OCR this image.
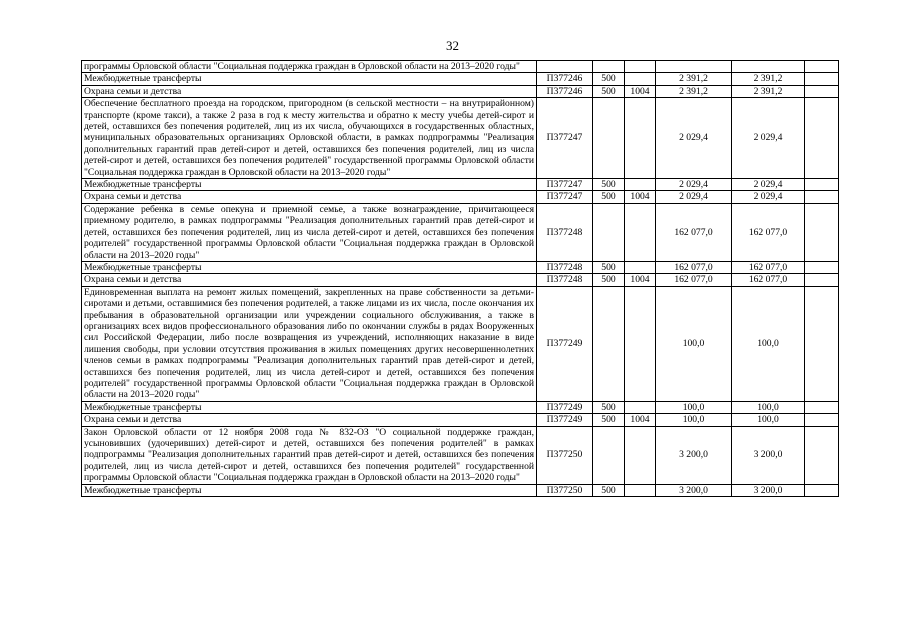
32
программы Орловской области "Социальная поддержка граждан в Орловской области на 2013–2020 годы"						
Межбюджетные трансферты	П377246	500		2 391,2	2 391,2	
Охрана семьи и детства	П377246	500	1004	2 391,2	2 391,2	
Обеспечение бесплатного проезда на городском, пригородном (в сельской местности – на внутрирайонном) транспорте (кроме такси), а также 2 раза в год к месту жительства и обратно к месту учебы детей-сирот и детей, оставшихся без попечения родителей, лиц из их числа, обучающихся в государственных областных, муниципальных образовательных организациях Орловской области, в рамках подпрограммы "Реализация дополнительных гарантий прав детей-сирот и детей, оставшихся без попечения родителей, лиц из числа детей-сирот и детей, оставшихся без попечения родителей" государственной программы Орловской области "Социальная поддержка граждан в Орловской области на 2013–2020 годы"	П377247			2 029,4	2 029,4	
Межбюджетные трансферты	П377247	500		2 029,4	2 029,4	
Охрана семьи и детства	П377247	500	1004	2 029,4	2 029,4	
Содержание ребенка в семье опекуна и приемной семье, а также вознаграждение, причитающееся приемному родителю, в рамках подпрограммы "Реализация дополнительных гарантий прав детей-сирот и детей, оставшихся без попечения родителей, лиц из числа детей-сирот и детей, оставшихся без попечения родителей" государственной программы Орловской области "Социальная поддержка граждан в Орловской области на 2013–2020 годы"	П377248			162 077,0	162 077,0	
Межбюджетные трансферты	П377248	500		162 077,0	162 077,0	
Охрана семьи и детства	П377248	500	1004	162 077,0	162 077,0	
Единовременная выплата на ремонт жилых помещений, закрепленных на праве собственности за детьми-сиротами и детьми, оставшимися без попечения родителей, а также лицами из их числа, после окончания их пребывания в образовательной организации или учреждении социального обслуживания, а также в организациях всех видов профессионального образования либо по окончании службы в рядах Вооруженных сил Российской Федерации, либо после возвращения из учреждений, исполняющих наказание в виде лишения свободы, при условии отсутствия проживания в жилых помещениях других несовершеннолетних членов семьи в рамках подпрограммы "Реализация дополнительных гарантий прав детей-сирот и детей, оставшихся без попечения родителей, лиц из числа детей-сирот и детей, оставшихся без попечения родителей" государственной программы Орловской области "Социальная поддержка граждан в Орловской области на 2013–2020 годы"	П377249			100,0	100,0	
Межбюджетные трансферты	П377249	500		100,0	100,0	
Охрана семьи и детства	П377249	500	1004	100,0	100,0	
Закон Орловской области от 12 ноября 2008 года № 832-ОЗ "О социальной поддержке граждан, усыновивших (удочеривших) детей-сирот и детей, оставшихся без попечения родителей" в рамках подпрограммы "Реализация дополнительных гарантий прав детей-сирот и детей, оставшихся без попечения родителей, лиц из числа детей-сирот и детей, оставшихся без попечения родителей" государственной программы Орловской области "Социальная поддержка граждан в Орловской области на 2013–2020 годы"	П377250			3 200,0	3 200,0	
Межбюджетные трансферты	П377250	500		3 200,0	3 200,0	
